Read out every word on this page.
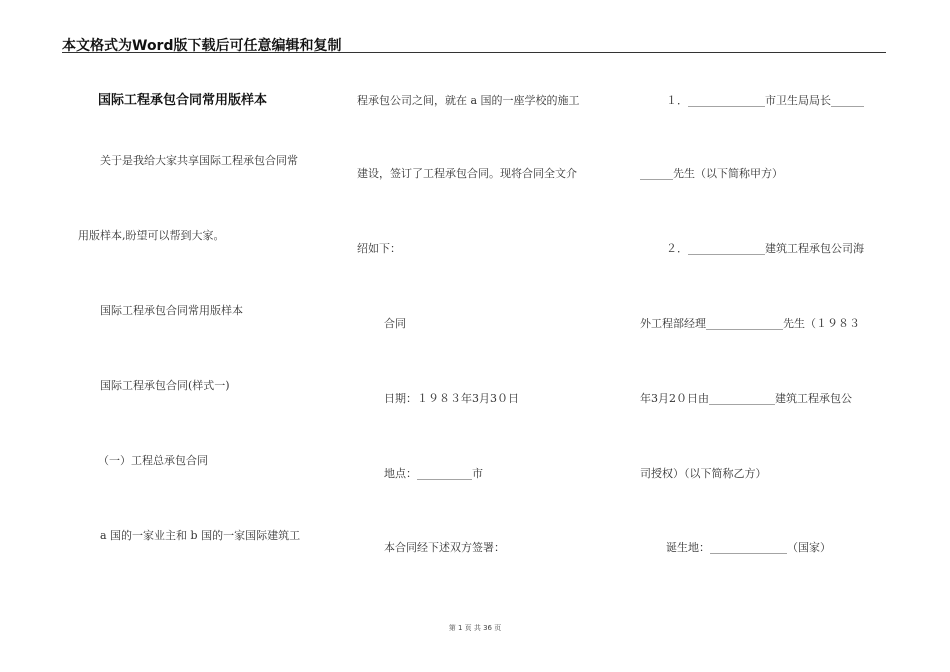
本文格式为Word版下载后可任意编辑和复制
国际工程承包合同常用版样本
关于是我给大家共享国际工程承包合同常
用版样本,盼望可以帮到大家。
国际工程承包合同常用版样本
国际工程承包合同(样式一)
（一）工程总承包合同
a 国的一家业主和 b 国的一家国际建筑工
程承包公司之间，就在 a 国的一座学校的施工
建设，签订了工程承包合同。现将合同全文介
绍如下：
合同
日期：１９８３年3月3０日
地点：__________市
本合同经下述双方签署：
１．______________市卫生局局长______
______先生（以下简称甲方）
２．______________建筑工程承包公司海
外工程部经理______________先生（１９８３
年3月2０日由____________建筑工程承包公
司授权）（以下简称乙方）
诞生地：______________（国家）
第 1 页 共 36 页
